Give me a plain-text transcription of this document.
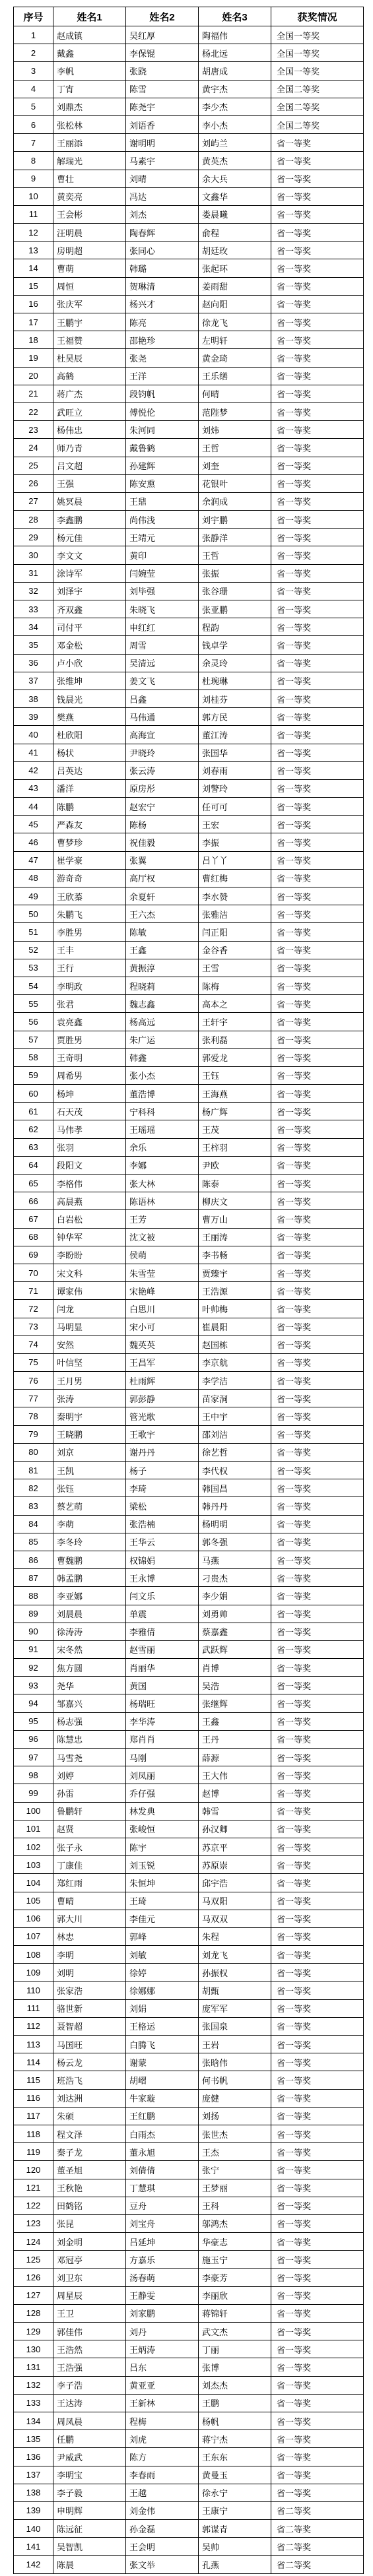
序号	姓名1	姓名2	姓名3	获奖情况
1	赵成镇	吴红厚	陶福伟	全国一等奖
2	戴鑫	李保锟	杨北远	全国一等奖
3	李帆	张跷	胡唐成	全国一等奖
4	丁宵	陈雪	黄宇杰	全国二等奖
5	刘鼎杰	陈尧宇	李少杰	全国二等奖
6	张松林	刘语香	李小杰	全国二等奖
7	王丽添	谢明明	刘屿兰	省一等奖
8	解瑞光	马素宇	黄英杰	省一等奖
9	曹壮	刘晴	余大兵	省一等奖
10	黄奕亮	冯达	文鑫华	省一等奖
11	王会彬	刘杰	娄晨曦	省一等奖
12	汪明晨	陶春辉	俞程	省一等奖
13	房明超	张同心	胡廷玫	省一等奖
14	曹萌	韩璐	张起环	省一等奖
15	周恒	贺琳清	姜雨甜	省一等奖
16	张庆军	杨兴才	赵向阳	省一等奖
17	王鹏宇	陈亮	徐龙飞	省一等奖
18	王福赞	邵艳珍	左明轩	省一等奖
19	杜昊辰	张尧	黄金琦	省一等奖
20	高鹤	王洋	王乐缮	省一等奖
21	蒋广杰	段钧帆	何晴	省一等奖
22	武旺立	傅悦伦	范陛梦	省一等奖
23	杨伟忠	朱河同	刘炜	省一等奖
24	师乃青	戴鲁鹤	王哲	省一等奖
25	吕文超	孙建辉	刘奎	省一等奖
26	王强	陈安熏	花银叶	省一等奖
27	姚冥晨	王鼎	余润成	省一等奖
28	李鑫鹏	尚伟浅	刘宇鹏	省一等奖
29	杨元佳	王靖元	张静洋	省一等奖
30	李文文	黄印	王哲	省一等奖
31	涂诗军	闫婉莹	张振	省一等奖
32	刘泽宇	刘毕强	张谷珊	省一等奖
33	齐双鑫	朱晓飞	张亚鹏	省一等奖
34	司付平	申红红	程韵	省一等奖
35	邓金松	周雪	钱卓学	省一等奖
36	卢小欣	吴清远	余灵玲	省一等奖
37	张维坤	姜文飞	杜琬琳	省一等奖
38	钱晨光	吕鑫	刘桂芬	省一等奖
39	樊燕	马伟通	郭方民	省一等奖
40	杜欣阳	高海宣	董江涛	省一等奖
41	杨状	尹晓玲	张国华	省一等奖
42	吕英达	张云涛	刘春雨	省一等奖
43	潘洋	原房彤	刘警玲	省一等奖
44	陈鹏	赵宏宁	任可可	省一等奖
45	严森友	陈杨	王宏	省一等奖
46	曹梦珍	祝佳毅	李振	省一等奖
47	崔学豪	张翼	吕丫丫	省一等奖
48	游奇奇	高厅权	曹红梅	省一等奖
49	王欣蓁	余夏轩	李水赞	省一等奖
50	朱鹏飞	王六杰	张雅洁	省一等奖
51	李胜男	陈敏	闫正阳	省一等奖
52	王丰	王鑫	金谷香	省一等奖
53	王行	黄振淳	王雪	省一等奖
54	李明政	程晓莉	陈梅	省一等奖
55	张君	魏志鑫	高本之	省一等奖
56	袁亮鑫	杨高远	王轩宇	省一等奖
57	贾胜男	朱广运	张利磊	省一等奖
58	王奇明	韩鑫	郭爱龙	省一等奖
59	周希男	张小杰	王钰	省一等奖
60	杨坤	董浩博	王海燕	省一等奖
61	石天茂	宁科科	杨广辉	省一等奖
62	马伟孝	王瑶瑶	王茂	省一等奖
63	张羽	余乐	王梓羽	省一等奖
64	段阳文	李娜	尹欧	省一等奖
65	李格伟	张大林	陈泰	省一等奖
66	高晨燕	陈语林	柳庆文	省一等奖
67	白岩松	王芳	曹万山	省一等奖
68	钟华军	沈文被	王丽涛	省一等奖
69	李盼盼	侯萌	李书畅	省一等奖
70	宋文科	朱雪莹	贾臻宇	省一等奖
71	谭家伟	宋艳峰	王浩源	省一等奖
72	闫龙	白思川	叶帅梅	省一等奖
73	马明显	宋小可	崔晨阳	省一等奖
74	安然	魏英英	赵国栋	省一等奖
75	叶信坚	王昌军	李京航	省一等奖
76	王月男	杜雨辉	李学洁	省一等奖
77	张涛	郭彭静	苗家洞	省一等奖
78	秦明宇	管光歌	王中宇	省一等奖
79	王晓鹏	王歌宇	邵刘洁	省一等奖
80	刘京	谢丹丹	徐艺哲	省一等奖
81	王凯	杨子	李代权	省一等奖
82	张钰	李琦	韩国昌	省一等奖
83	蔡艺萌	梁松	韩丹丹	省一等奖
84	李萌	张浩楠	杨明明	省一等奖
85	李冬玲	王华云	郭冬强	省一等奖
86	曹魏鹏	权锦娟	马燕	省一等奖
87	韩孟鹏	王永博	刁贵杰	省一等奖
88	李亚娜	闫文乐	李少娟	省一等奖
89	刘晨晨	单震	刘勇帅	省一等奖
90	徐涛涛	李雅倩	蔡嘉鑫	省一等奖
91	宋冬然	赵雪丽	武跃辉	省一等奖
92	焦方圆	肖丽华	肖博	省一等奖
93	尧华	黄国	吴浩	省一等奖
94	邹嘉兴	杨瑞旺	张继辉	省一等奖
95	杨志强	李华涛	王鑫	省一等奖
96	陈慧忠	郑肖肖	王丹	省一等奖
97	马雪尧	马刚	薛源	省一等奖
98	刘婷	刘凤丽	王大伟	省一等奖
99	孙雷	乔仔强	赵博	省一等奖
100	鲁鹏轩	林发典	韩雪	省一等奖
101	赵贤	张峻恒	孙汉卿	省一等奖
102	张子永	陈宇	苏京平	省一等奖
103	丁康佳	刘玉锐	苏原崇	省一等奖
104	郑红雨	朱恒坤	邱宇浩	省一等奖
105	曹晴	王琦	马双阳	省一等奖
106	郭大川	李佳元	马双双	省一等奖
107	林忠	郭峰	朱程	省一等奖
108	李明	刘敏	刘龙飞	省一等奖
109	刘明	徐婷	孙振权	省一等奖
110	张家浩	徐娜娜	胡甄	省一等奖
111	骆世新	刘娟	庞军军	省一等奖
112	聂智超	王格运	张国泉	省一等奖
113	马国旺	白腾飞	王岩	省一等奖
114	杨云龙	谢蒙	张晗伟	省一等奖
115	班浩飞	胡嶍	何书帆	省一等奖
116	刘达洲	牛家璇	庞健	省一等奖
117	朱硕	王红鹏	刘扬	省一等奖
118	程文泽	白雨杰	张世杰	省一等奖
119	秦子龙	董永旭	王杰	省一等奖
120	董圣旭	刘倩倩	张宁	省一等奖
121	王秋艳	丁慧琪	王梦丽	省一等奖
122	田鹤铭	豆舟	王科	省一等奖
123	张昆	刘宝舟	邬鸿杰	省一等奖
124	刘金明	吕延坤	华豪志	省一等奖
125	邓冠亭	方嘉乐	施玉宁	省一等奖
126	刘卫东	汤春萌	李豪芳	省一等奖
127	周星辰	王静雯	李丽欣	省一等奖
128	王卫	刘家鹏	蒋锦轩	省一等奖
129	郭佳伟	刘丹	武文杰	省一等奖
130	王浩然	王炳涛	丁丽	省一等奖
131	王浩强	吕东	张博	省一等奖
132	李子浩	黄亚亚	刘杰杰	省一等奖
133	王达涛	王新林	王鹏	省一等奖
134	周凤晨	程梅	杨帆	省一等奖
135	任鹏	刘虎	蒋宁杰	省一等奖
136	尹威武	陈方	王东东	省一等奖
137	李明宝	李春雨	黄曼玉	省一等奖
138	李子毅	王越	徐永宁	省一等奖
139	申明辉	刘金伟	王康宁	省二等奖
140	陈远征	孙金磊	郭谋青	省二等奖
141	吴智凯	王会明	吴帅	省二等奖
142	陈晨	张文举	孔燕	省二等奖
